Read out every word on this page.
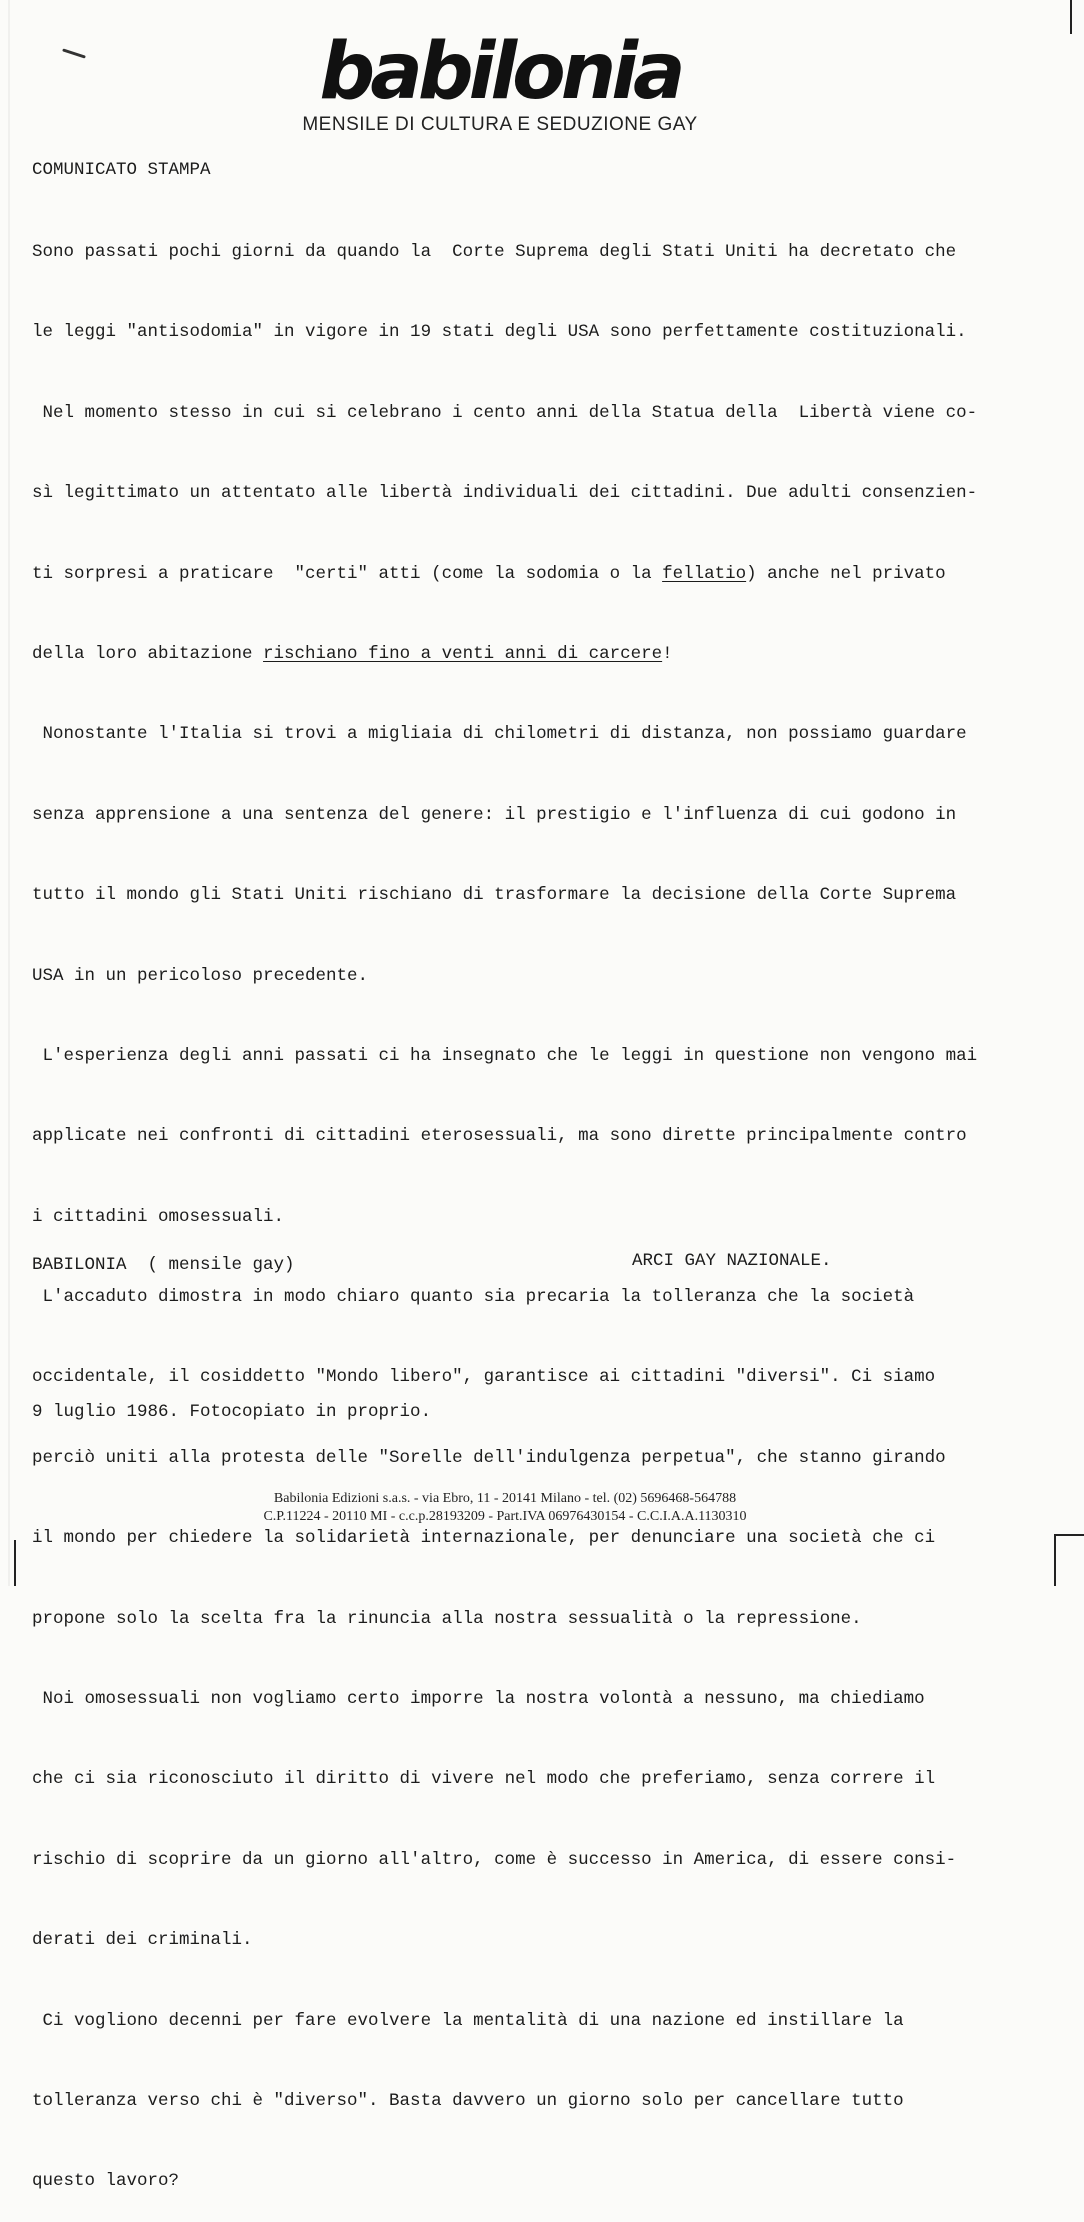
babilonia
MENSILE DI CULTURA E SEDUZIONE GAY
COMUNICATO STAMPA

Sono passati pochi giorni da quando la  Corte Suprema degli Stati Uniti ha decretato che

le leggi "antisodomia" in vigore in 19 stati degli USA sono perfettamente costituzionali.

Nel momento stesso in cui si celebrano i cento anni della Statua della  Libertà viene co-

sì legittimato un attentato alle libertà individuali dei cittadini. Due adulti consenzien-

ti sorpresi a praticare  "certi" atti (come la sodomia o la fellatio) anche nel privato

della loro abitazione rischiano fino a venti anni di carcere!

Nonostante l'Italia si trovi a migliaia di chilometri di distanza, non possiamo guardare

senza apprensione a una sentenza del genere: il prestigio e l'influenza di cui godono in

tutto il mondo gli Stati Uniti rischiano di trasformare la decisione della Corte Suprema

USA in un pericoloso precedente.

L'esperienza degli anni passati ci ha insegnato che le leggi in questione non vengono mai

applicate nei confronti di cittadini eterosessuali, ma sono dirette principalmente contro

i cittadini omosessuali.

L'accaduto dimostra in modo chiaro quanto sia precaria la tolleranza che la società

occidentale, il cosiddetto "Mondo libero", garantisce ai cittadini "diversi". Ci siamo

perciò uniti alla protesta delle "Sorelle dell'indulgenza perpetua", che stanno girando

il mondo per chiedere la solidarietà internazionale, per denunciare una società che ci

propone solo la scelta fra la rinuncia alla nostra sessualità o la repressione.

Noi omosessuali non vogliamo certo imporre la nostra volontà a nessuno, ma chiediamo

che ci sia riconosciuto il diritto di vivere nel modo che preferiamo, senza correre il

rischio di scoprire da un giorno all'altro, come è successo in America, di essere consi-

derati dei criminali.

Ci vogliono decenni per fare evolvere la mentalità di una nazione ed instillare la

tolleranza verso chi è "diverso". Basta davvero un giorno solo per cancellare tutto

questo lavoro?

BABILONIA  ( mensile gay)	ARCI GAY NAZIONALE.
9 luglio 1986. Fotocopiato in proprio.
Babilonia Edizioni s.a.s. - via Ebro, 11 - 20141 Milano - tel. (02) 5696468-564788
C.P.11224 - 20110 MI - c.c.p.28193209 - Part.IVA 06976430154 - C.C.I.A.A.1130310
